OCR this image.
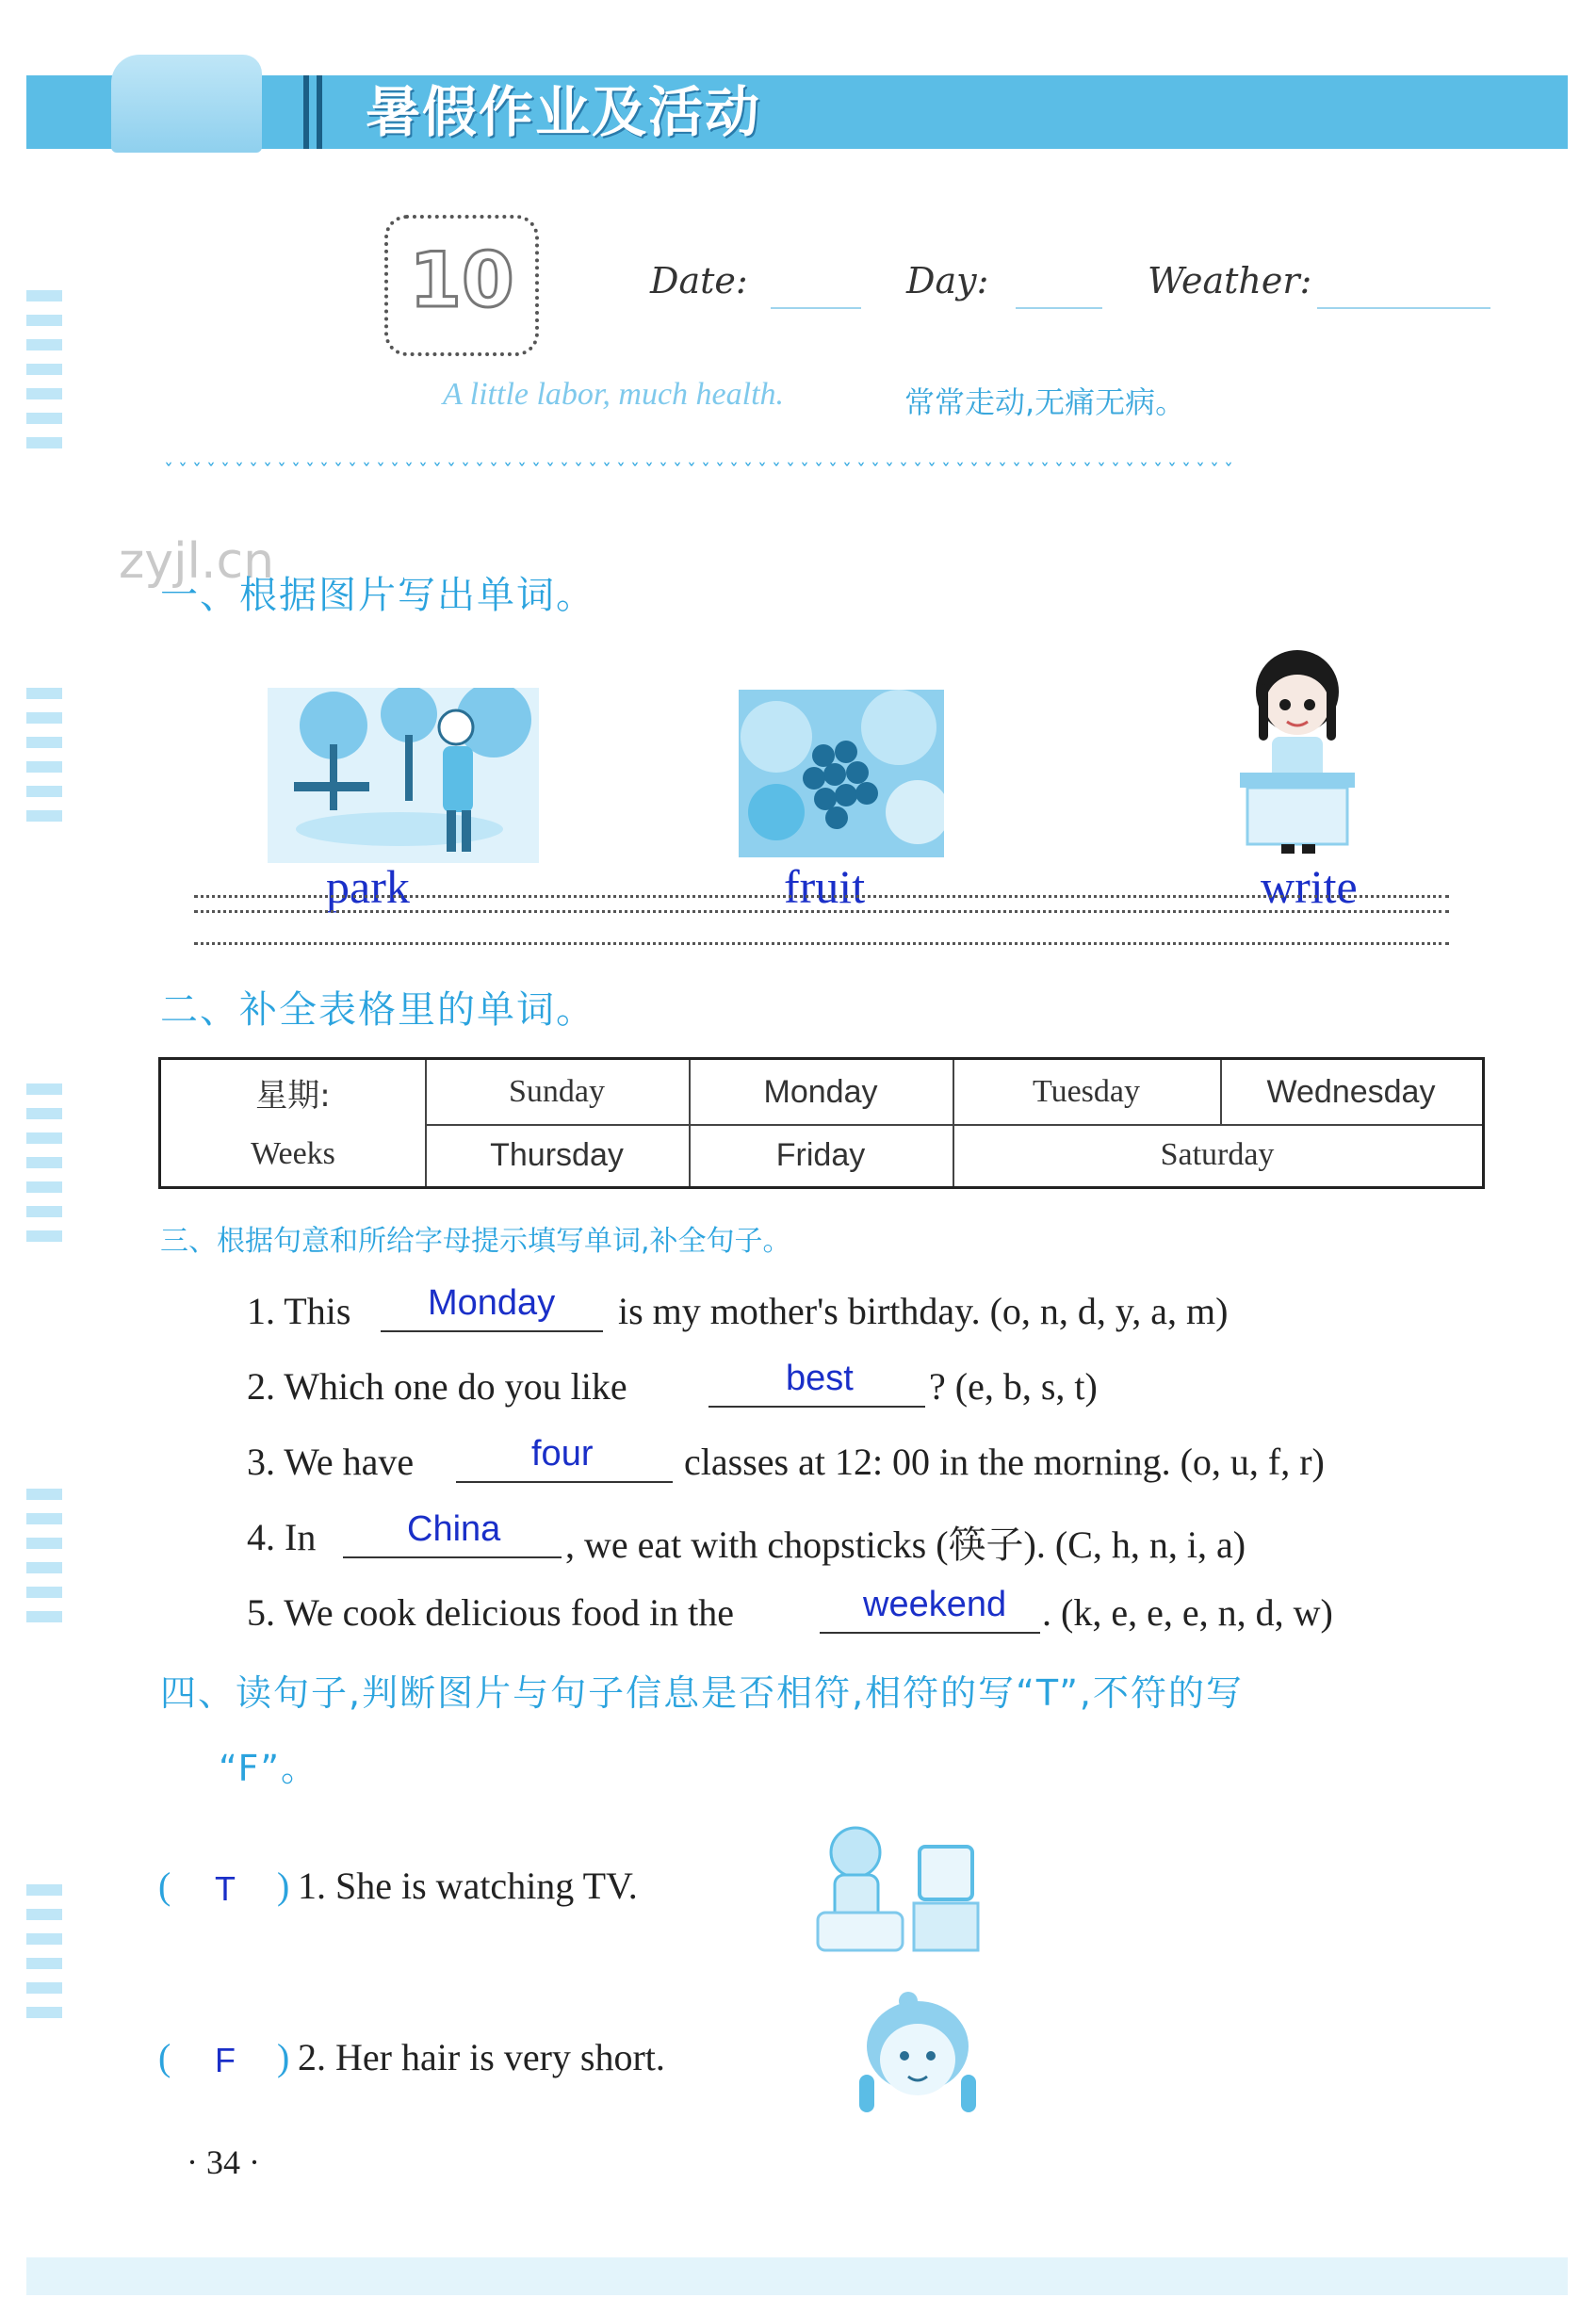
暑假作业及活动
10	Date:	Day:	Weather:
A little labor, much health.	常常走动,无痛无病。
ˇˇˇˇˇˇˇˇˇˇˇˇˇˇˇˇˇˇˇˇˇˇˇˇˇˇˇˇˇˇˇˇˇˇˇˇˇˇˇˇˇˇˇˇˇˇˇˇˇˇˇˇˇˇˇˇˇˇˇˇˇˇˇˇˇˇˇˇˇˇˇˇˇˇˇˇ
zyjl.cn
一、根据图片写出单词。
park	fruit	write
二、补全表格里的单词。
星期:
Weeks
Sunday	Monday	Tuesday	Wednesday
Thursday	Friday	Saturday
三、根据句意和所给字母提示填写单词,补全句子。
1. This Monday is my mother's birthday. (o, n, d, y, a, m)
2. Which one do you like	best ? (e, b, s, t)
3. We have	four classes at 12: 00 in the morning. (o, u, f, r)
4. In	China , we eat with chopsticks (筷子). (C, h, n, i, a)
5. We cook delicious food in the	weekend . (k, e, e, e, n, d, w)
四、读句子,判断图片与句子信息是否相符,相符的写“T”,不符的写
“F”。
( T ) 1. She is watching TV.
( F ) 2. Her hair is very short.
· 34 ·
